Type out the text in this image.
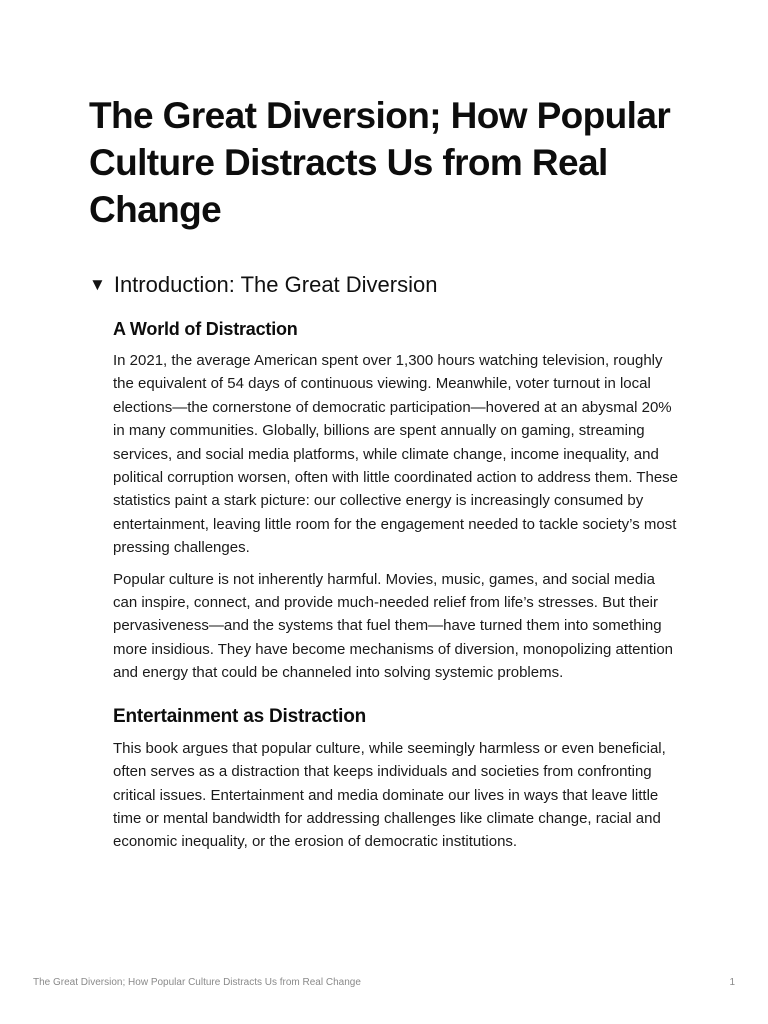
The Great Diversion; How Popular Culture Distracts Us from Real Change
▼ Introduction: The Great Diversion
A World of Distraction

In 2021, the average American spent over 1,300 hours watching television, roughly the equivalent of 54 days of continuous viewing. Meanwhile, voter turnout in local elections—the cornerstone of democratic participation—hovered at an abysmal 20% in many communities. Globally, billions are spent annually on gaming, streaming services, and social media platforms, while climate change, income inequality, and political corruption worsen, often with little coordinated action to address them. These statistics paint a stark picture: our collective energy is increasingly consumed by entertainment, leaving little room for the engagement needed to tackle society’s most pressing challenges.

Popular culture is not inherently harmful. Movies, music, games, and social media can inspire, connect, and provide much-needed relief from life’s stresses. But their pervasiveness—and the systems that fuel them—have turned them into something more insidious. They have become mechanisms of diversion, monopolizing attention and energy that could be channeled into solving systemic problems.

Entertainment as Distraction

This book argues that popular culture, while seemingly harmless or even beneficial, often serves as a distraction that keeps individuals and societies from confronting critical issues. Entertainment and media dominate our lives in ways that leave little time or mental bandwidth for addressing challenges like climate change, racial and economic inequality, or the erosion of democratic institutions.

The Great Diversion; How Popular Culture Distracts Us from Real Change	1
